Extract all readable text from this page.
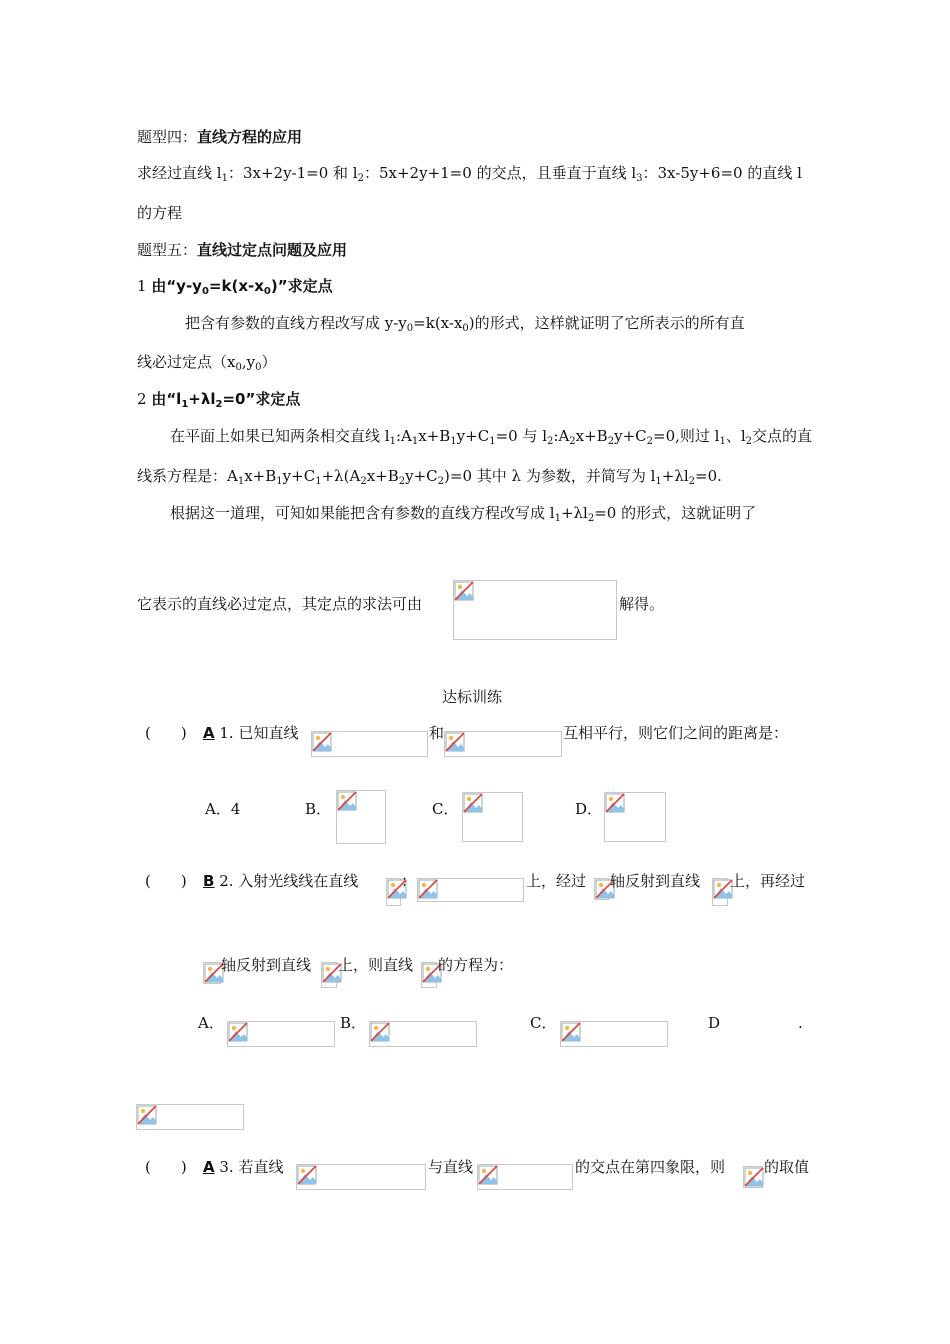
题型四：直线方程的应用
求经过直线 $l_1$：3x+2y-1=0 和 $l_2$：5x+2y+1=0 的交点，且垂直于直线 $l_3$：3x-5y+6=0 的直线 l
的方程
题型五：直线过定点问题及应用
1 由“$y-y_0=k(x-x_0)$”求定点
把含有参数的直线方程改写成 $y-y_0=k(x-x_0)$的形式，这样就证明了它所表示的所有直
线必过定点$(x_0,y_0)$
2 由“$l_1+\lambda l_2=0$”求定点
在平面上如果已知两条相交直线 $l_1:A_1x+B_1y+C_1=0$ 与 $l_2:A_2x+B_2y+C_2=0$,则过 $l_1$、$l_2$交点的直
线系方程是：$A_1x+B_1y+C_1+\lambda(A_2x+B_2y+C_2)=0$ 其中 λ 为参数，并简写为 $l_1+\lambda l_2=0$.
根据这一道理，可知如果能把含有参数的直线方程改写成 $l_1+\lambda l_2=0$ 的形式，这就证明了
它表示的直线必过定点，其定点的求法可由	解得。
达标训练
(　　) A 1. 已知直线	和	互相平行，则它们之间的距离是：
A．4	B．	C．	D．
(　　) B 2. 入射光线线在直线	：	上，经过 轴反射到直线 上，再经过
轴反射到直线 上，则直线 的方程为：
A．	B．	C．	D	.
(　　) A 3. 若直线	与直线	的交点在第四象限，则	的取值
